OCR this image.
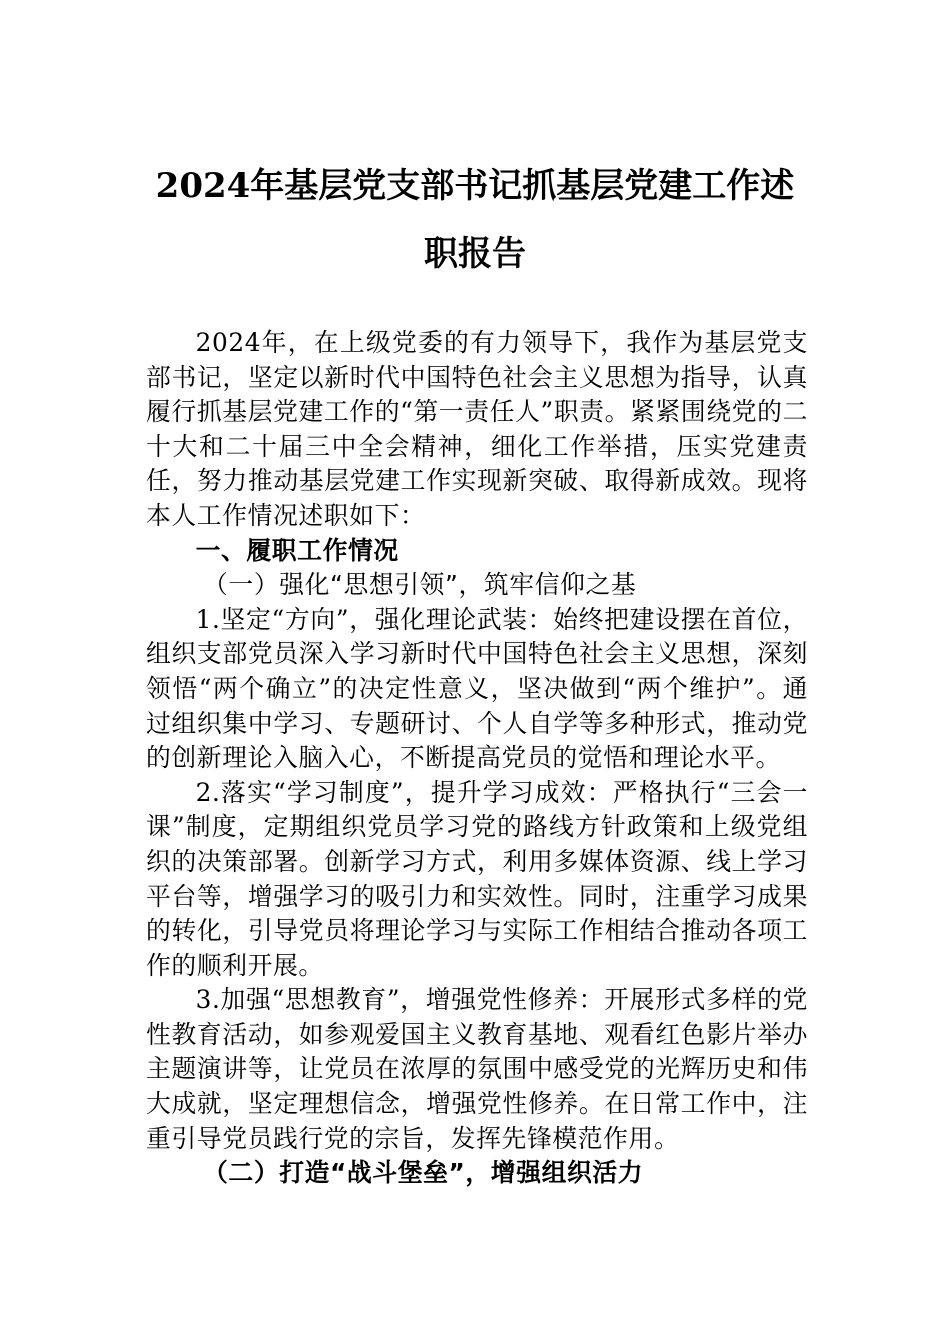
2024年基层党支部书记抓基层党建工作述
职报告

2024年，在上级党委的有力领导下，我作为基层党支部书记，坚定以新时代中国特色社会主义思想为指导，认真履行抓基层党建工作的“第一责任人”职责。紧紧围绕党的二十大和二十届三中全会精神，细化工作举措，压实党建责任，努力推动基层党建工作实现新突破、取得新成效。现将本人工作情况述职如下：

一、履职工作情况

（一）强化“思想引领”，筑牢信仰之基

1.坚定“方向”，强化理论武装：始终把建设摆在首位，组织支部党员深入学习新时代中国特色社会主义思想，深刻领悟“两个确立”的决定性意义，坚决做到“两个维护”。通过组织集中学习、专题研讨、个人自学等多种形式，推动党的创新理论入脑入心，不断提高党员的觉悟和理论水平。

2.落实“学习制度”，提升学习成效：严格执行“三会一课”制度，定期组织党员学习党的路线方针政策和上级党组织的决策部署。创新学习方式，利用多媒体资源、线上学习平台等，增强学习的吸引力和实效性。同时，注重学习成果的转化，引导党员将理论学习与实际工作相结合推动各项工作的顺利开展。

3.加强“思想教育”，增强党性修养：开展形式多样的党性教育活动，如参观爱国主义教育基地、观看红色影片举办主题演讲等，让党员在浓厚的氛围中感受党的光辉历史和伟大成就，坚定理想信念，增强党性修养。在日常工作中，注重引导党员践行党的宗旨，发挥先锋模范作用。

（二）打造“战斗堡垒”，增强组织活力
